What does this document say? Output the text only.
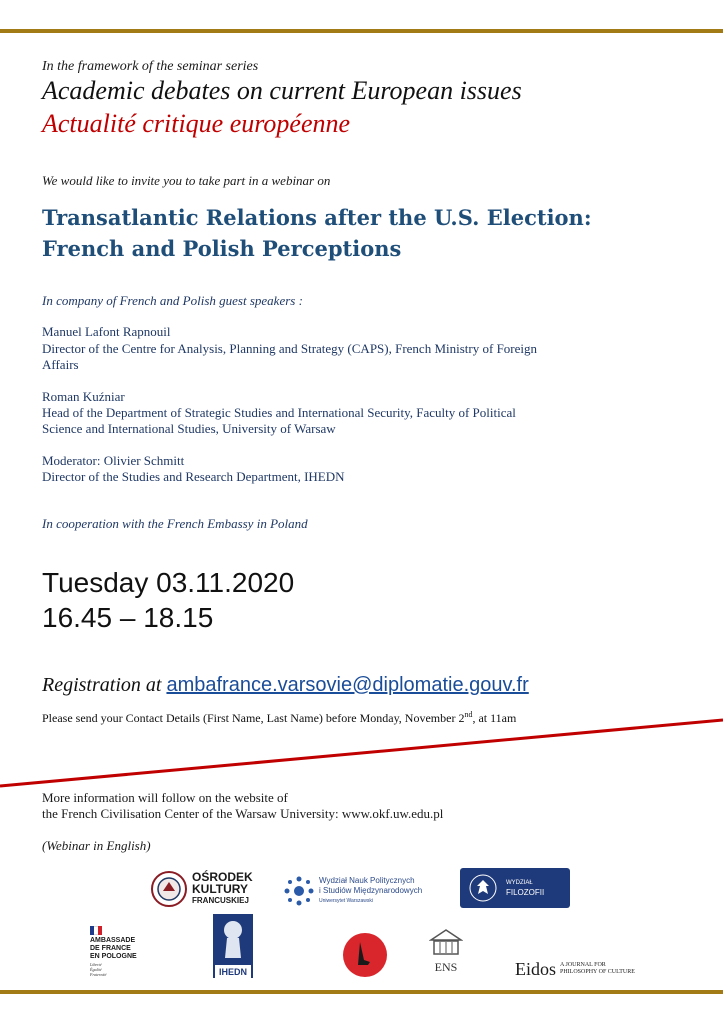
In the framework of the seminar series
Academic debates on current European issues
Actualité critique européenne
We would like to invite you to take part in a webinar on
Transatlantic Relations after the U.S. Election:
French and Polish Perceptions
In company of French and Polish guest speakers :
Manuel Lafont Rapnouil
Director of the Centre for Analysis, Planning and Strategy (CAPS), French Ministry of Foreign
Affairs
Roman Kuźniar
Head of the Department of Strategic Studies and International Security, Faculty of Political
Science and International Studies, University of Warsaw
Moderator: Olivier Schmitt
Director of the Studies and Research Department, IHEDN
In cooperation with the French Embassy in Poland
Tuesday 03.11.2020
16.45 – 18.15
Registration at ambafrance.varsovie@diplomatie.gouv.fr
Please send your Contact Details (First Name, Last Name) before Monday, November 2nd, at 11am
More information will follow on the website of
the French Civilisation Center of the Warsaw University: www.okf.uw.edu.pl
(Webinar in English)
OŚRODEK
KULTURY
FRANCUSKIEJ
Wydział Nauk Politycznych
i Studiów Międzynarodowych
Uniwersytet Warszawski
WYDZIAŁ
FILOZOFII
AMBASSADE
DE FRANCE
EN POLOGNE
Liberté
Égalité
Fraternité	IHEDN	ENS	Eidos A JOURNAL FOR
PHILOSOPHY OF CULTURE
